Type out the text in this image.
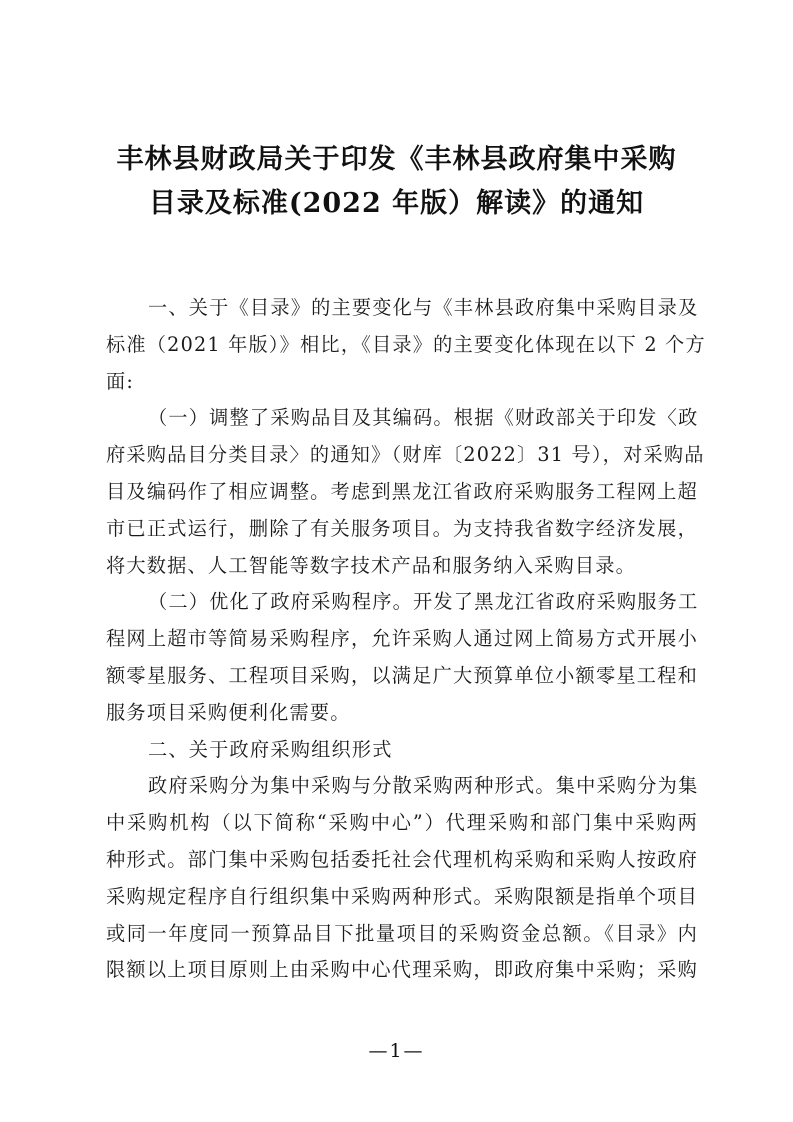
丰林县财政局关于印发《丰林县政府集中采购
目录及标准(2022 年版）解读》的通知
一、关于《目录》的主要变化与《丰林县政府集中采购目录及
标准（2021 年版）》相比，《目录》的主要变化体现在以下 2 个方
面:
（一）调整了采购品目及其编码。根据《财政部关于印发〈政
府采购品目分类目录〉的通知》（财库〔2022〕31 号），对采购品
目及编码作了相应调整。考虑到黑龙江省政府采购服务工程网上超
市已正式运行，删除了有关服务项目。为支持我省数字经济发展，
将大数据、人工智能等数字技术产品和服务纳入采购目录。
（二）优化了政府采购程序。开发了黑龙江省政府采购服务工
程网上超市等简易采购程序，允许采购人通过网上简易方式开展小
额零星服务、工程项目采购，以满足广大预算单位小额零星工程和
服务项目采购便利化需要。
二、关于政府采购组织形式
政府采购分为集中采购与分散采购两种形式。集中采购分为集
中采购机构（以下简称“采购中心”）代理采购和部门集中采购两
种形式。部门集中采购包括委托社会代理机构采购和采购人按政府
采购规定程序自行组织集中采购两种形式。采购限额是指单个项目
或同一年度同一预算品目下批量项目的采购资金总额。《目录》内
限额以上项目原则上由采购中心代理采购，即政府集中采购；采购
—1—
